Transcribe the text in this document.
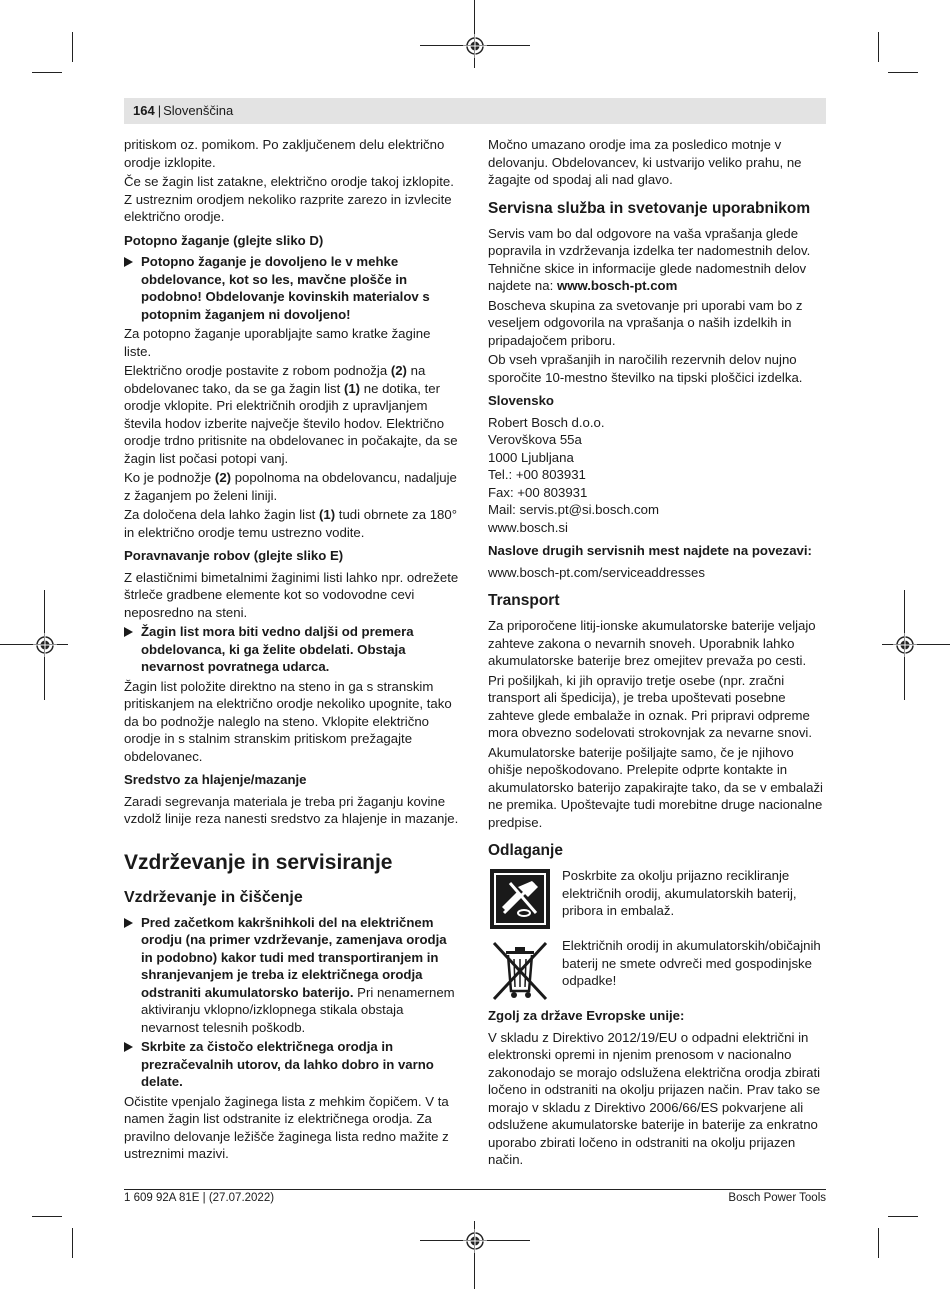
164 | Slovenščina

pritiskom oz. pomikom. Po zaključenem delu električno orodje izklopite.

Če se žagin list zatakne, električno orodje takoj izklopite. Z ustreznim orodjem nekoliko razprite zarezo in izvlecite električno orodje.

Potopno žaganje (glejte sliko D)
Potopno žaganje je dovoljeno le v mehke obdelovance, kot so les, mavčne plošče in podobno! Obdelovanje kovinskih materialov s potopnim žaganjem ni dovoljeno!

Za potopno žaganje uporabljajte samo kratke žagine liste.

Električno orodje postavite z robom podnožja (2) na obdelovanec tako, da se ga žagin list (1) ne dotika, ter orodje vklopite. Pri električnih orodjih z upravljanjem števila hodov izberite največje število hodov. Električno orodje trdno pritisnite na obdelovanec in počakajte, da se žagin list počasi potopi vanj.

Ko je podnožje (2) popolnoma na obdelovancu, nadaljuje z žaganjem po želeni liniji.

Za določena dela lahko žagin list (1) tudi obrnete za 180° in električno orodje temu ustrezno vodite.

Poravnavanje robov (glejte sliko E)

Z elastičnimi bimetalnimi žaginimi listi lahko npr. odrežete štrleče gradbene elemente kot so vodovodne cevi neposredno na steni.

Žagin list mora biti vedno daljši od premera obdelovanca, ki ga želite obdelati. Obstaja nevarnost povratnega udarca.

Žagin list položite direktno na steno in ga s stranskim pritiskanjem na električno orodje nekoliko upognite, tako da bo podnožje naleglo na steno. Vklopite električno orodje in s stalnim stranskim pritiskom prežagajte obdelovanec.

Sredstvo za hlajenje/mazanje

Zaradi segrevanja materiala je treba pri žaganju kovine vzdolž linije reza nanesti sredstvo za hlajenje in mazanje.

Vzdrževanje in servisiranje
Vzdrževanje in čiščenje
Pred začetkom kakršnihkoli del na električnem orodju (na primer vzdrževanje, zamenjava orodja in podobno) kakor tudi med transportiranjem in shranjevanjem je treba iz električnega orodja odstraniti akumulatorsko baterijo. Pri nenamernem aktiviranju vklopno/izklopnega stikala obstaja nevarnost telesnih poškodb.
Skrbite za čistočo električnega orodja in prezračevalnih utorov, da lahko dobro in varno delate.

Očistite vpenjalo žaginega lista z mehkim čopičem. V ta namen žagin list odstranite iz električnega orodja. Za pravilno delovanje ležišče žaginega lista redno mažite z ustreznimi mazivi.

Močno umazano orodje ima za posledico motnje v delovanju. Obdelovancev, ki ustvarijo veliko prahu, ne žagajte od spodaj ali nad glavo.

Servisna služba in svetovanje uporabnikom

Servis vam bo dal odgovore na vaša vprašanja glede popravila in vzdrževanja izdelka ter nadomestnih delov. Tehnične skice in informacije glede nadomestnih delov najdete na: www.bosch-pt.com

Boscheva skupina za svetovanje pri uporabi vam bo z veseljem odgovorila na vprašanja o naših izdelkih in pripadajočem priboru.

Ob vseh vprašanjih in naročilih rezervnih delov nujno sporočite 10-mestno številko na tipski ploščici izdelka.

Slovensko
Robert Bosch d.o.o.
Verovškova 55a
1000 Ljubljana
Tel.: +00 803931
Fax: +00 803931
Mail: servis.pt@si.bosch.com
www.bosch.si
Naslove drugih servisnih mest najdete na povezavi:

www.bosch-pt.com/serviceaddresses

Transport

Za priporočene litij-ionske akumulatorske baterije veljajo zahteve zakona o nevarnih snoveh. Uporabnik lahko akumulatorske baterije brez omejitev prevaža po cesti.

Pri pošiljkah, ki jih opravijo tretje osebe (npr. zračni transport ali špedicija), je treba upoštevati posebne zahteve glede embalaže in oznak. Pri pripravi odpreme mora obvezno sodelovati strokovnjak za nevarne snovi.

Akumulatorske baterije pošiljajte samo, če je njihovo ohišje nepoškodovano. Prelepite odprte kontakte in akumulatorsko baterijo zapakirajte tako, da se v embalaži ne premika. Upoštevajte tudi morebitne druge nacionalne predpise.

Odlaganje
Poskrbite za okolju prijazno recikliranje električnih orodij, akumulatorskih baterij, pribora in embalaž.
Električnih orodij in akumulatorskih/običajnih baterij ne smete odvreči med gospodinjske odpadke!
Zgolj za države Evropske unije:

V skladu z Direktivo 2012/19/EU o odpadni električni in elektronski opremi in njenim prenosom v nacionalno zakonodajo se morajo odslužena električna orodja zbirati ločeno in odstraniti na okolju prijazen način. Prav tako se morajo v skladu z Direktivo 2006/66/ES pokvarjene ali odslužene akumulatorske baterije in baterije za enkratno uporabo zbirati ločeno in odstraniti na okolju prijazen način.

1 609 92A 81E | (27.07.2022)	Bosch Power Tools
